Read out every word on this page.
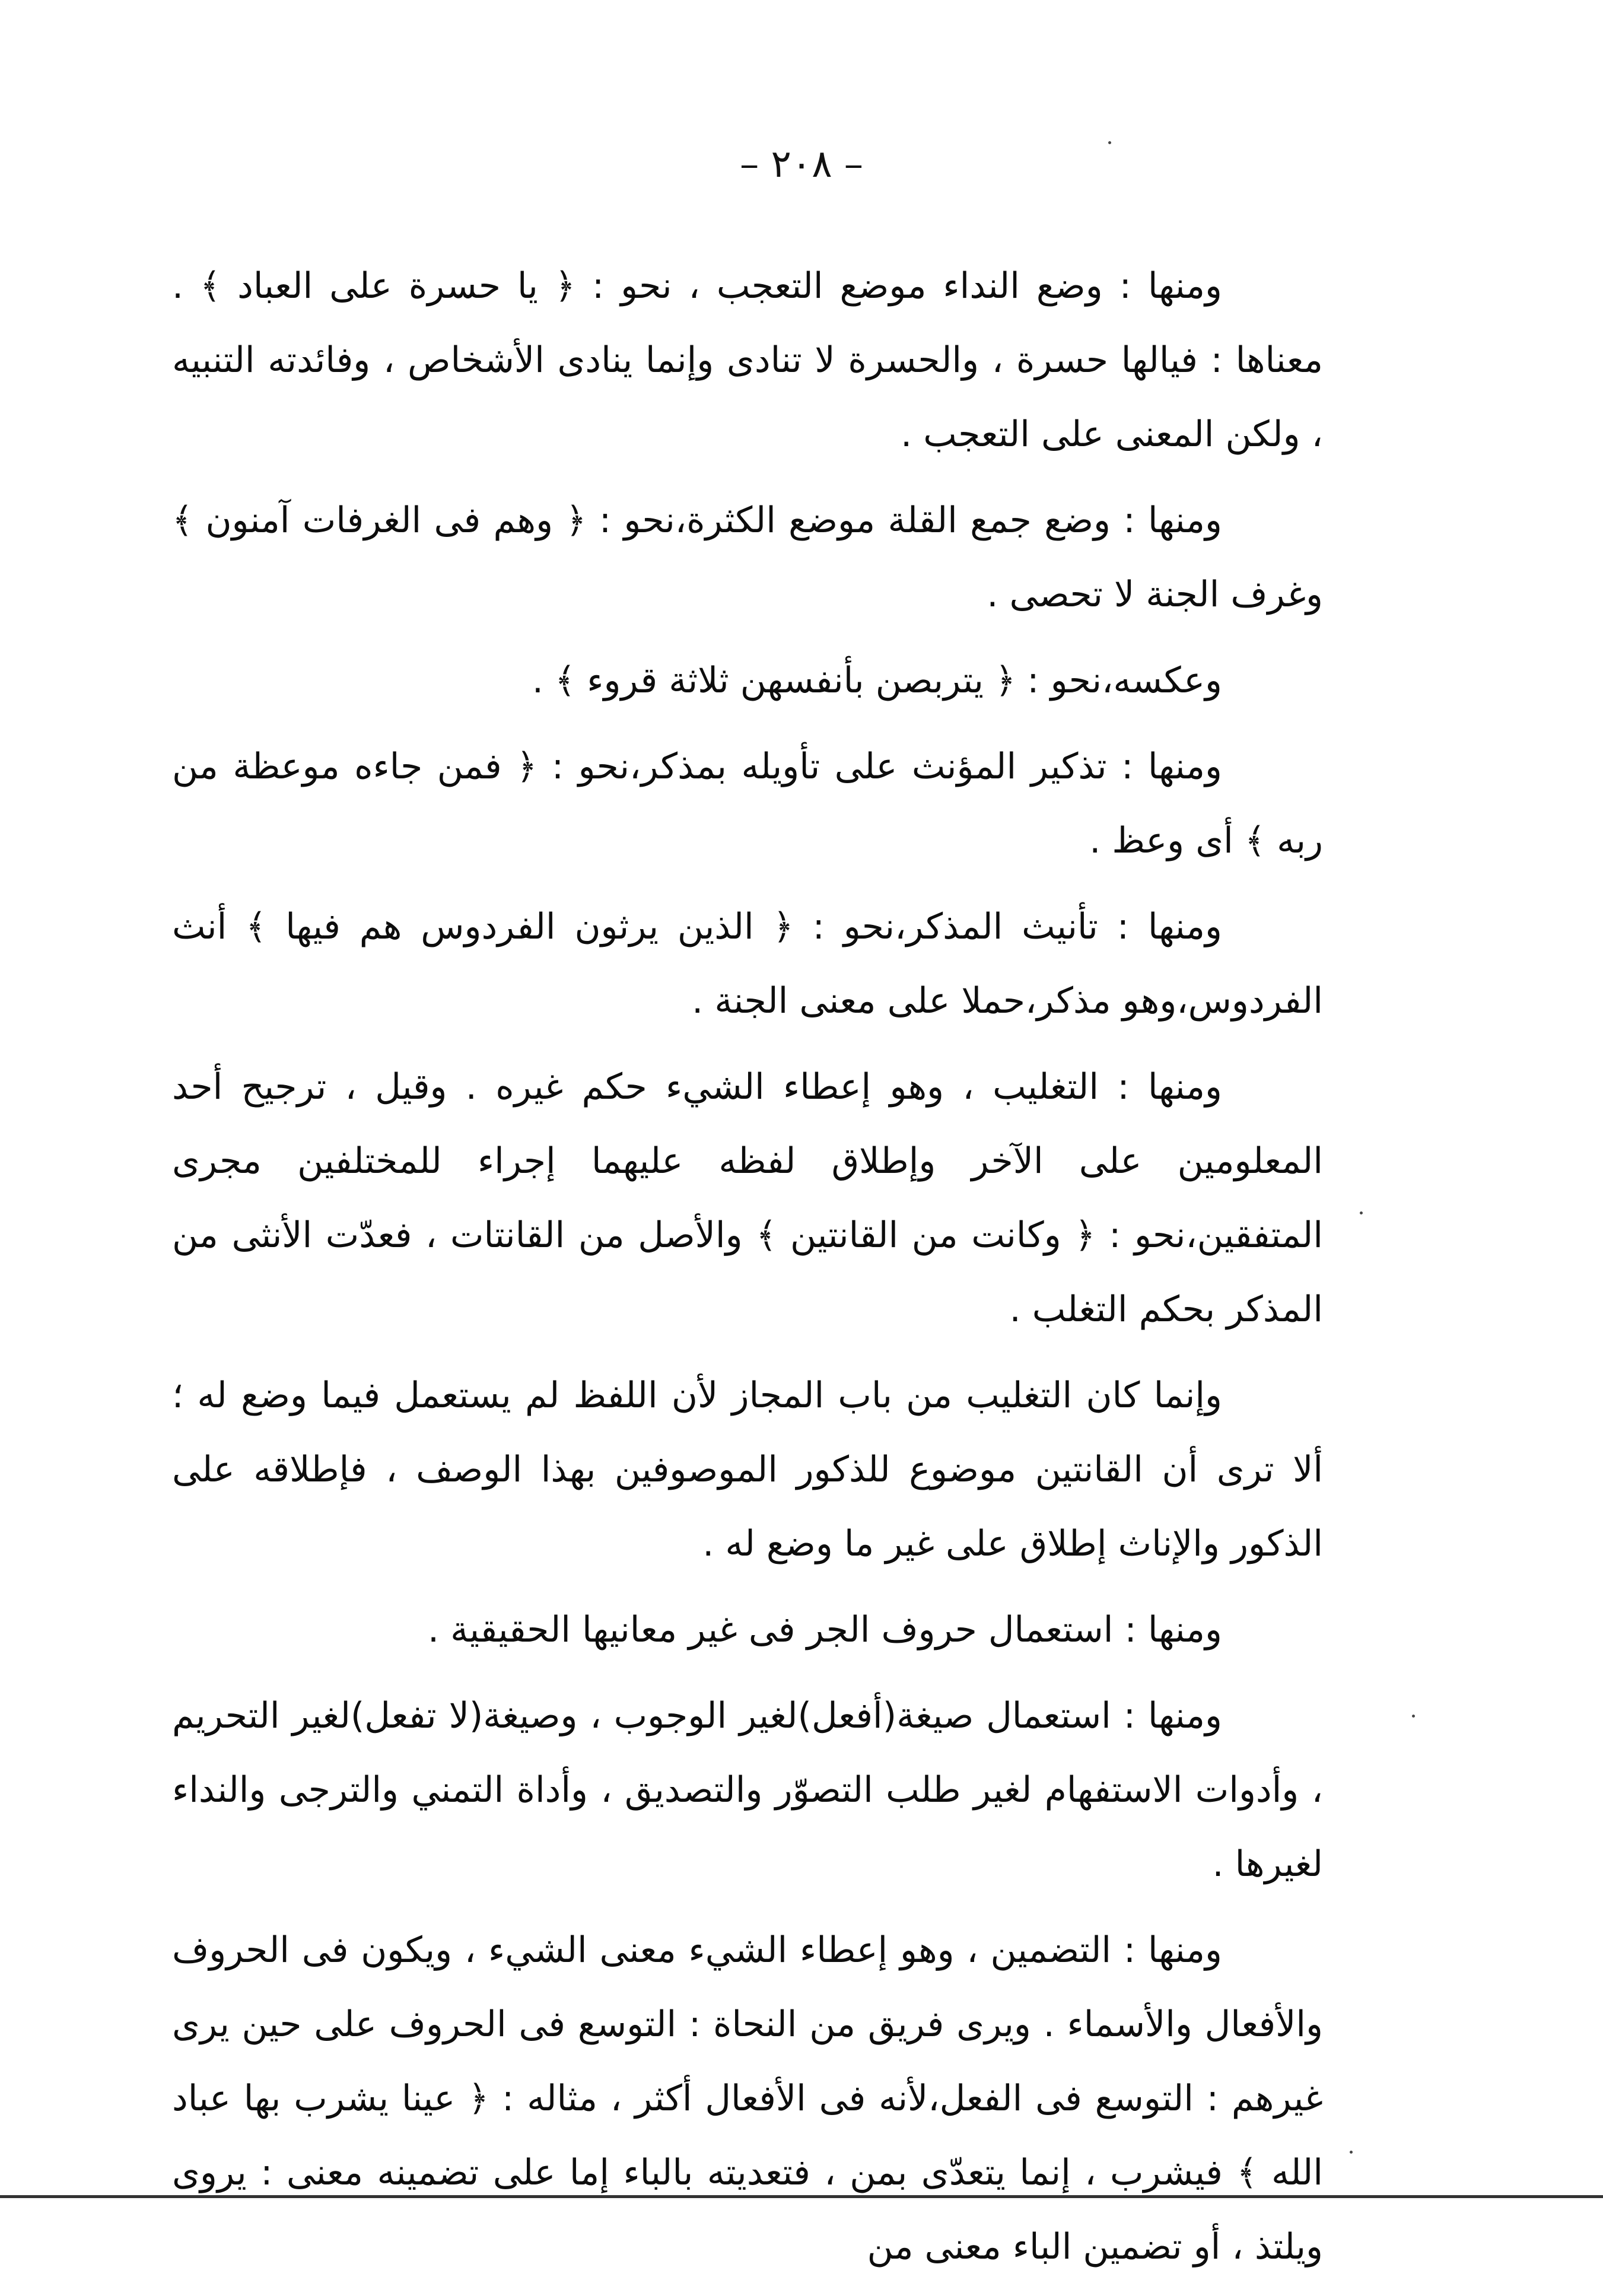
– ٢٠٨ –

ومنها : وضع النداء موضع التعجب ، نحو : ﴿ يا حسرة على العباد ﴾ . معناها : فيالها حسرة ، والحسرة لا تنادى وإنما ينادى الأشخاص ، وفائدته التنبيه ، ولكن المعنى على التعجب .

ومنها : وضع جمع القلة موضع الكثرة،نحو : ﴿ وهم فى الغرفات آمنون ﴾ وغرف الجنة لا تحصى .

وعكسه،نحو : ﴿ يتربصن بأنفسهن ثلاثة قروء ﴾ .

ومنها : تذكير المؤنث على تأويله بمذكر،نحو : ﴿ فمن جاءه موعظة من ربه ﴾ أى وعظ .

ومنها : تأنيث المذكر،نحو : ﴿ الذين يرثون الفردوس هم فيها ﴾ أنث الفردوس،وهو مذكر،حملا على معنى الجنة .

ومنها : التغليب ، وهو إعطاء الشيء حكم غيره . وقيل ، ترجيح أحد المعلومين على الآخر وإطلاق لفظه عليهما إجراء للمختلفين مجرى المتفقين،نحو : ﴿ وكانت من القانتين ﴾ والأصل من القانتات ، فعدّت الأنثى من المذكر بحكم التغلب .

وإنما كان التغليب من باب المجاز لأن اللفظ لم يستعمل فيما وضع له ؛ ألا ترى أن القانتين موضوع للذكور الموصوفين بهذا الوصف ، فإطلاقه على الذكور والإناث إطلاق على غير ما وضع له .

ومنها : استعمال حروف الجر فى غير معانيها الحقيقية .

ومنها : استعمال صيغة(أفعل)لغير الوجوب ، وصيغة(لا تفعل)لغير التحريم ، وأدوات الاستفهام لغير طلب التصوّر والتصديق ، وأداة التمني والترجى والنداء لغيرها .

ومنها : التضمين ، وهو إعطاء الشيء معنى الشيء ، ويكون فى الحروف والأفعال والأسماء . ويرى فريق من النحاة : التوسع فى الحروف على حين يرى غيرهم : التوسع فى الفعل،لأنه فى الأفعال أكثر ، مثاله : ﴿ عينا يشرب بها عباد الله ﴾ فيشرب ، إنما يتعدّى بمن ، فتعديته بالباء إما على تضمينه معنى : يروى ويلتذ ، أو تضمين الباء معنى من
